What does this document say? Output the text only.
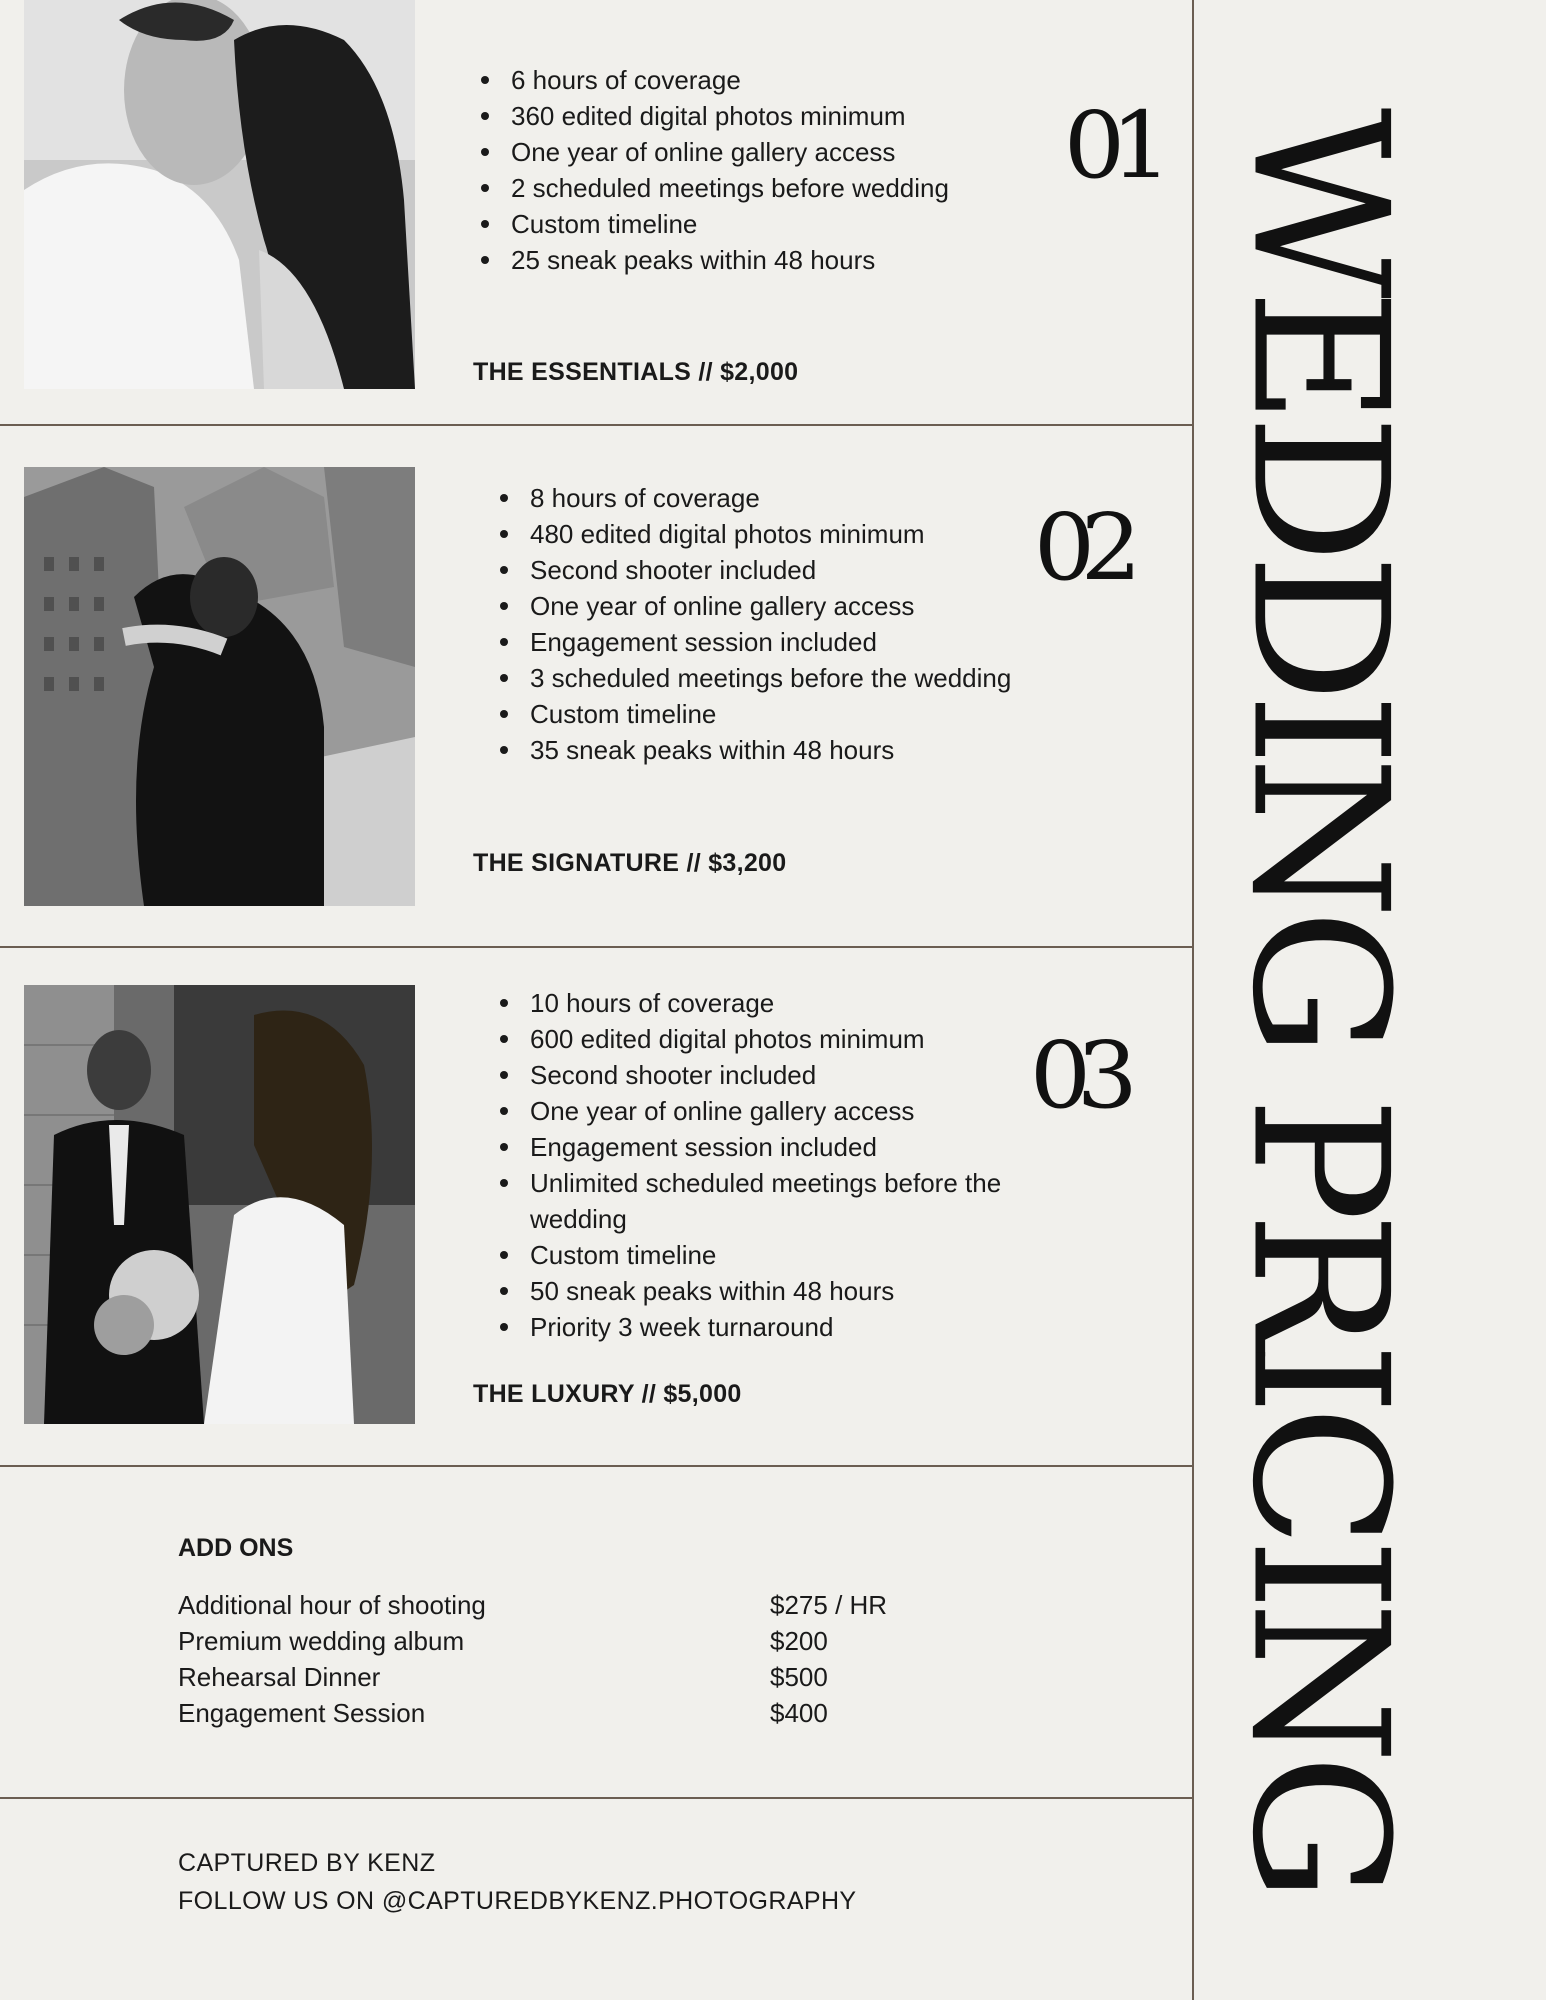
6 hours of coverage
360 edited digital photos minimum
One year of online gallery access
2 scheduled meetings before wedding
Custom timeline
25 sneak peaks within 48 hours
THE ESSENTIALS // $2,000
01
8 hours of coverage
480 edited digital photos minimum
Second shooter included
One year of online gallery access
Engagement session included
3 scheduled meetings before the wedding
Custom timeline
35 sneak peaks within 48 hours
THE SIGNATURE // $3,200
02
10 hours of coverage
600 edited digital photos minimum
Second shooter included
One year of online gallery access
Engagement session included
Unlimited scheduled meetings before the wedding
Custom timeline
50 sneak peaks within 48 hours
Priority 3 week turnaround
THE LUXURY // $5,000
03
ADD ONS
Additional hour of shooting	$275 / HR
Premium wedding album	$200
Rehearsal Dinner	$500
Engagement Session	$400
CAPTURED BY KENZ
FOLLOW US ON @CAPTUREDBYKENZ.PHOTOGRAPHY
WEDDING PRICING
